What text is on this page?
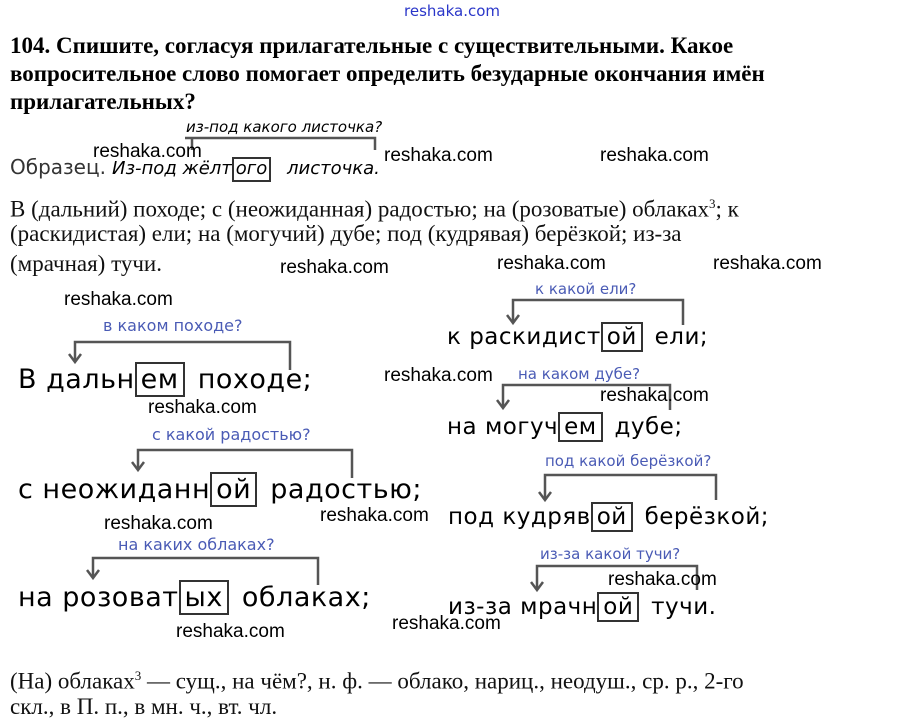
reshaka.com
104. Спишите, согласуя прилагательные с существительными. Какое вопросительное слово помогает определить безударные окончания имён прилагательных?
из-под какого листочка?
Образец. Из-под жёлт ого листочка.
В (дальний) походе; с (неожиданная) радостью; на (розоватые) облаках$^3$; к
(раскидистая) ели; на (могучий) дубе; под (кудрявая) берёзкой; из-за
(мрачная) тучи.
в каком походе?
В дальн ем походе;
с какой радостью?
с неожиданн ой радостью;
на каких облаках?
на розоват ых облаках;
к какой ели?
к раскидист ой ели;
на каком дубе?
на могуч ем дубе;
под какой берёзкой?
под кудряв ой берёзкой;
из-за какой тучи?
из-за мрачн ой тучи.
(На) облаках$^3$ — сущ., на чём?, н. ф. — облако, нариц., неодуш., ср. р., 2-го
скл., в П. п., в мн. ч., вт. чл.
reshaka.com	reshaka.com	reshaka.com
reshaka.com	reshaka.com	reshaka.com
reshaka.com
reshaka.com
reshaka.com
reshaka.com
reshaka.com
reshaka.com
reshaka.com
reshaka.com
reshaka.com
